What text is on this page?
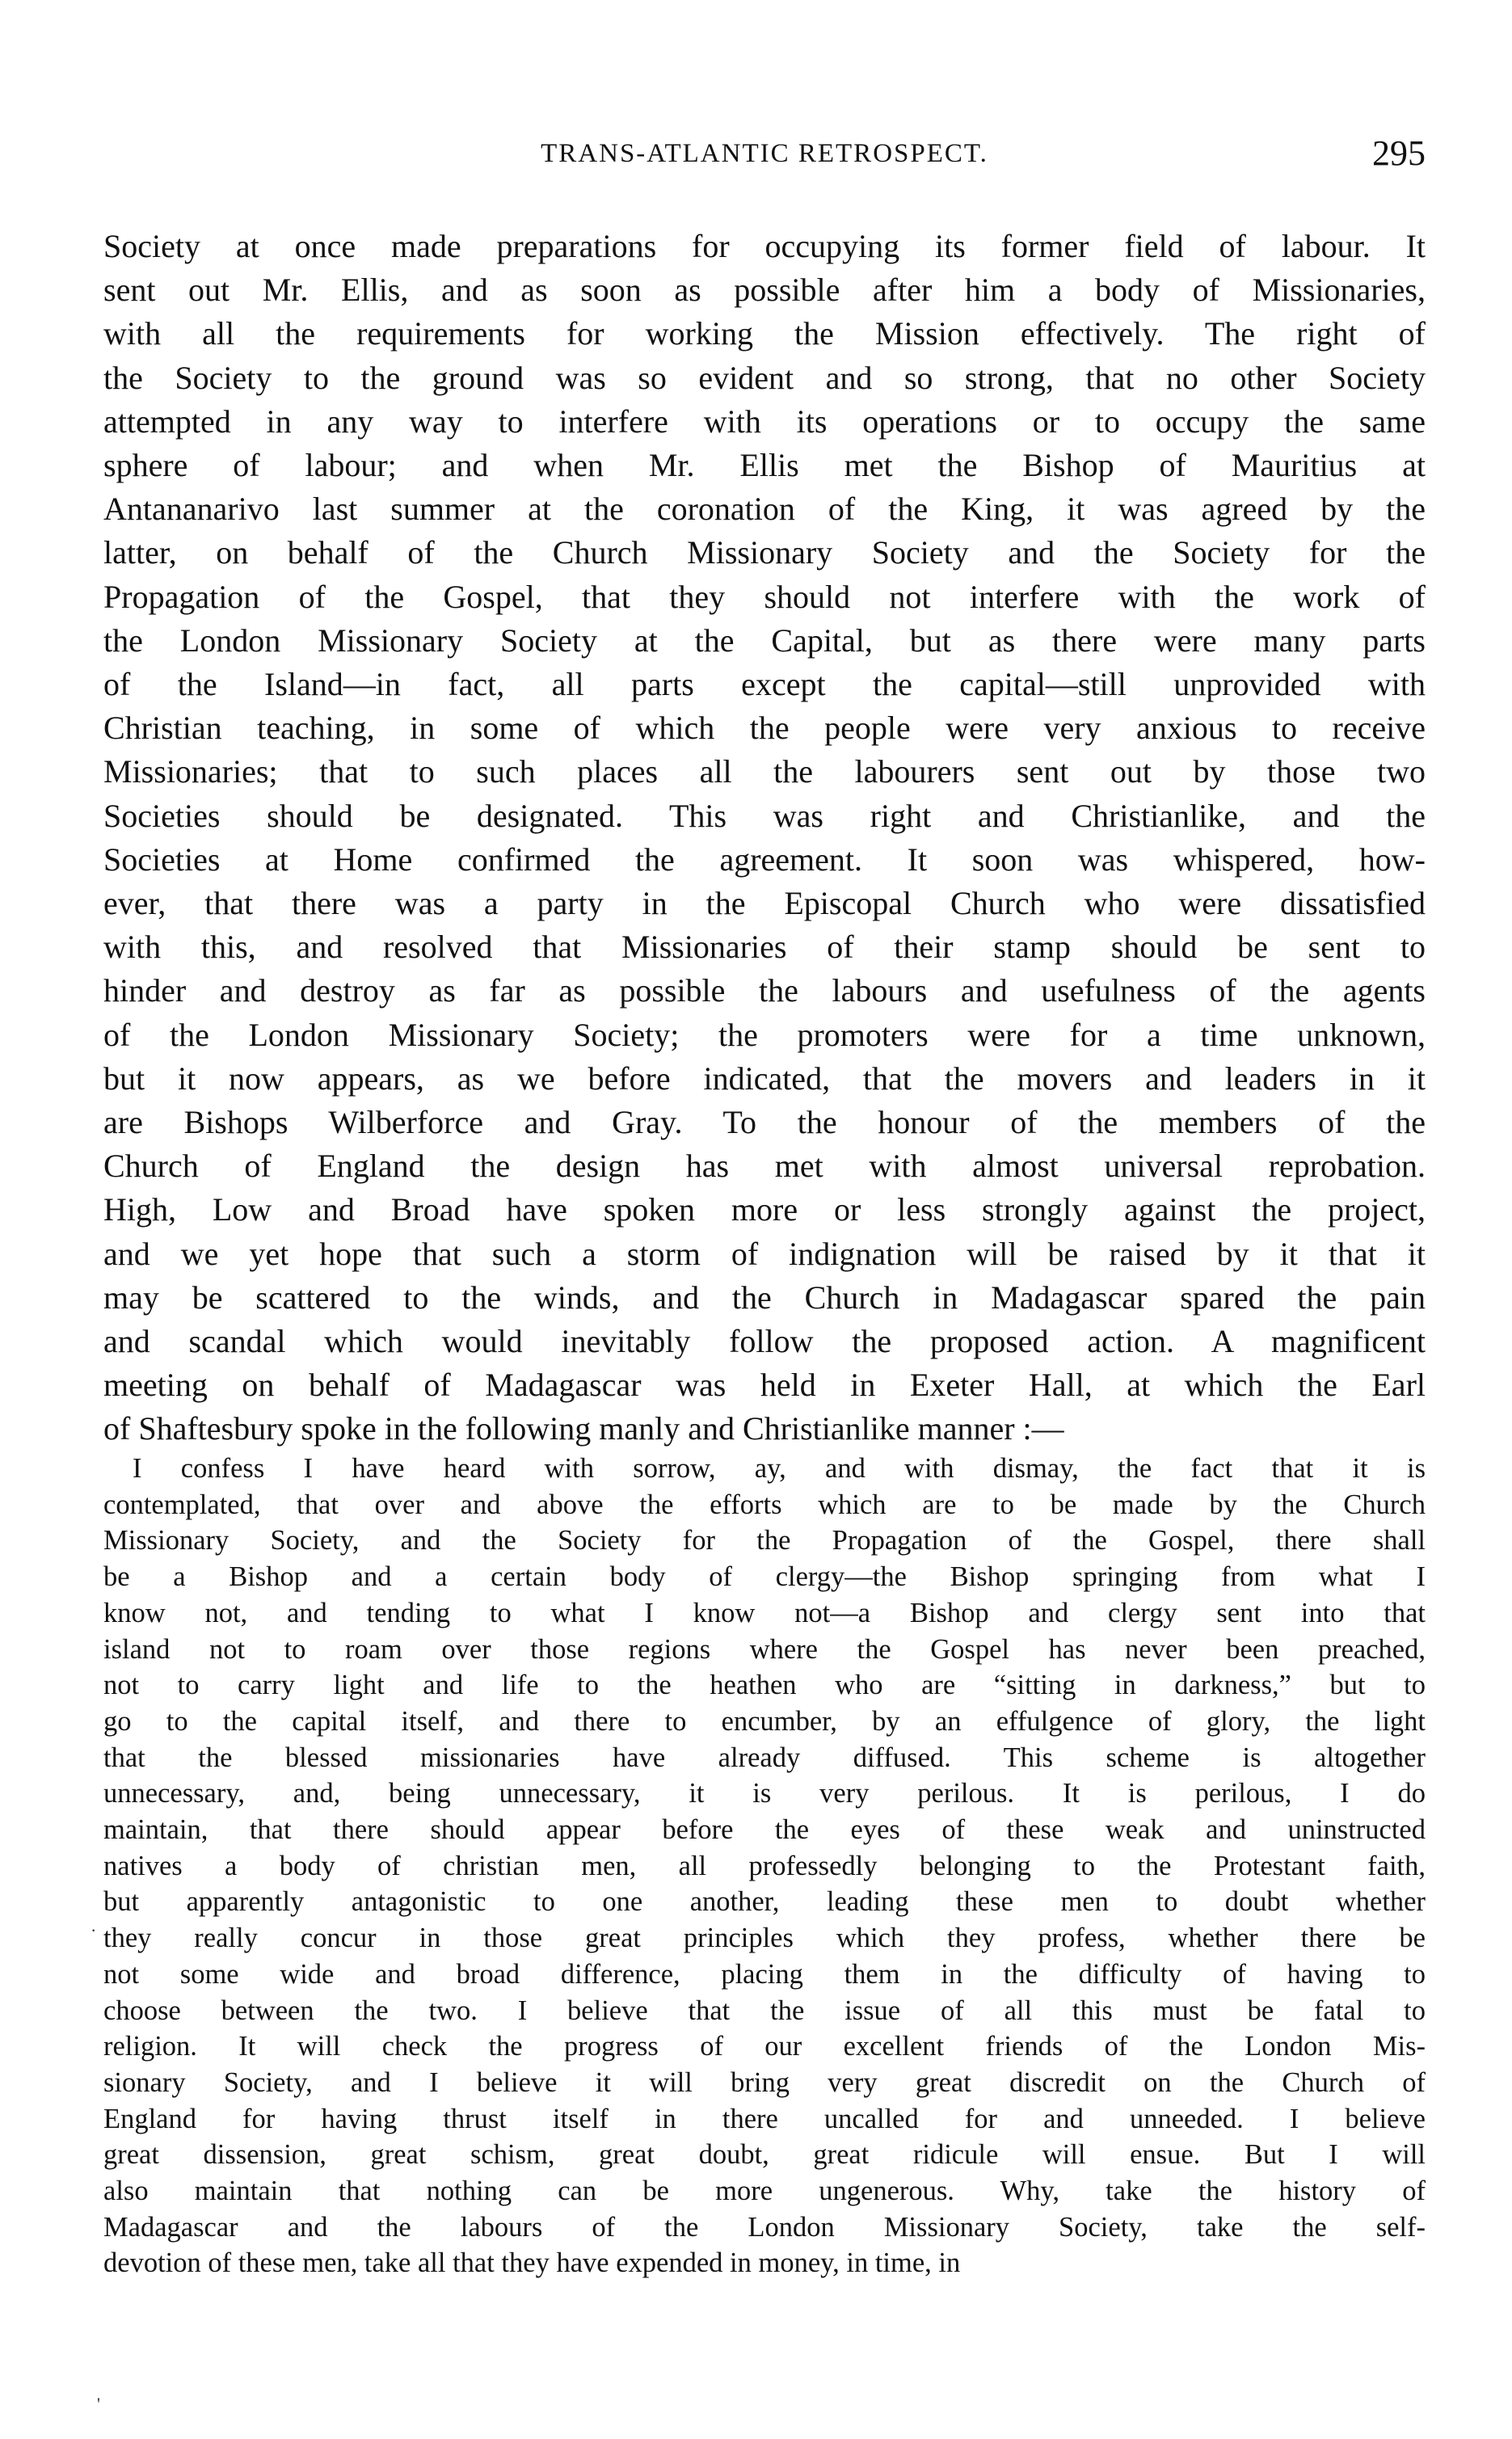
TRANS-ATLANTIC RETROSPECT.	295
Society at once made preparations for occupying its former field of labour. It
sent out Mr. Ellis, and as soon as possible after him a body of Missionaries,
with all the requirements for working the Mission effectively. The right of
the Society to the ground was so evident and so strong, that no other Society
attempted in any way to interfere with its operations or to occupy the same
sphere of labour; and when Mr. Ellis met the Bishop of Mauritius at
Antananarivo last summer at the coronation of the King, it was agreed by the
latter, on behalf of the Church Missionary Society and the Society for the
Propagation of the Gospel, that they should not interfere with the work of
the London Missionary Society at the Capital, but as there were many parts
of the Island—in fact, all parts except the capital—still unprovided with
Christian teaching, in some of which the people were very anxious to receive
Missionaries; that to such places all the labourers sent out by those two
Societies should be designated. This was right and Christianlike, and the
Societies at Home confirmed the agreement. It soon was whispered, how-
ever, that there was a party in the Episcopal Church who were dissatisfied
with this, and resolved that Missionaries of their stamp should be sent to
hinder and destroy as far as possible the labours and usefulness of the agents
of the London Missionary Society; the promoters were for a time unknown,
but it now appears, as we before indicated, that the movers and leaders in it
are Bishops Wilberforce and Gray. To the honour of the members of the
Church of England the design has met with almost universal reprobation.
High, Low and Broad have spoken more or less strongly against the project,
and we yet hope that such a storm of indignation will be raised by it that it
may be scattered to the winds, and the Church in Madagascar spared the pain
and scandal which would inevitably follow the proposed action. A magnificent
meeting on behalf of Madagascar was held in Exeter Hall, at which the Earl
of Shaftesbury spoke in the following manly and Christianlike manner :—
I confess I have heard with sorrow, ay, and with dismay, the fact that it is
contemplated, that over and above the efforts which are to be made by the Church
Missionary Society, and the Society for the Propagation of the Gospel, there shall
be a Bishop and a certain body of clergy—the Bishop springing from what I
know not, and tending to what I know not—a Bishop and clergy sent into that
island not to roam over those regions where the Gospel has never been preached,
not to carry light and life to the heathen who are “sitting in darkness,” but to
go to the capital itself, and there to encumber, by an effulgence of glory, the light
that the blessed missionaries have already diffused. This scheme is altogether
unnecessary, and, being unnecessary, it is very perilous. It is perilous, I do
maintain, that there should appear before the eyes of these weak and uninstructed
natives a body of christian men, all professedly belonging to the Protestant faith,
but apparently antagonistic to one another, leading these men to doubt whether
they really concur in those great principles which they profess, whether there be
not some wide and broad difference, placing them in the difficulty of having to
choose between the two. I believe that the issue of all this must be fatal to
religion. It will check the progress of our excellent friends of the London Mis-
sionary Society, and I believe it will bring very great discredit on the Church of
England for having thrust itself in there uncalled for and unneeded. I believe
great dissension, great schism, great doubt, great ridicule will ensue. But I will
also maintain that nothing can be more ungenerous. Why, take the history of
Madagascar and the labours of the London Missionary Society, take the self-
devotion of these men, take all that they have expended in money, in time, in
·
'
